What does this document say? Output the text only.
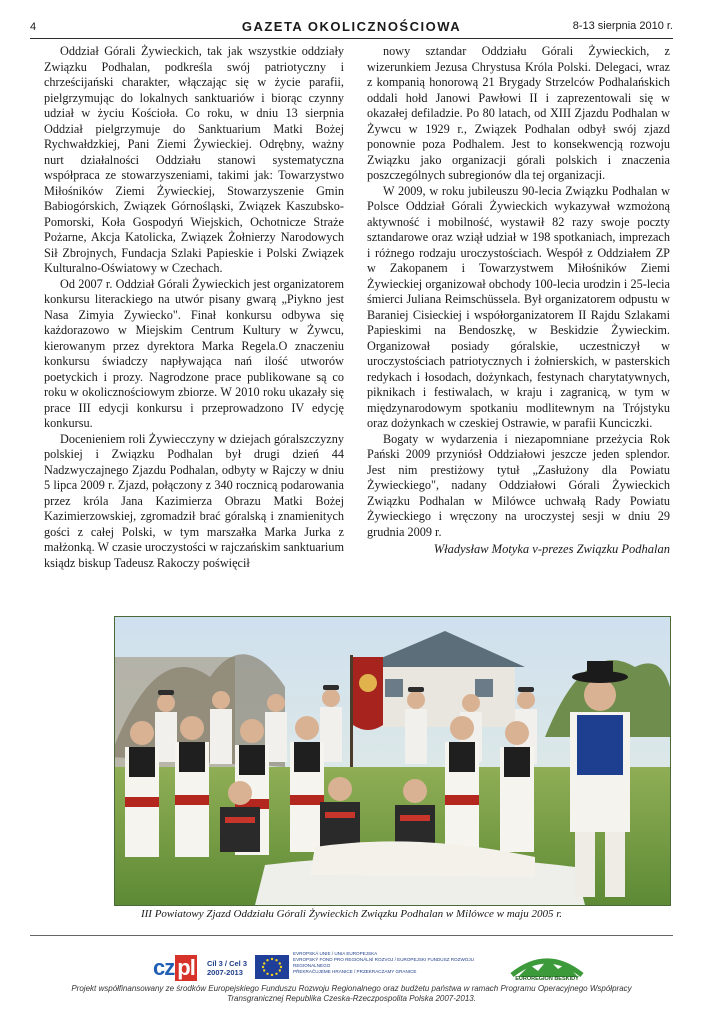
4	GAZETA OKOLICZNOŚCIOWA	8-13 sierpnia 2010 r.

Oddział Górali Żywieckich, tak jak wszystkie oddziały Związku Podhalan, podkreśla swój patriotyczny i chrześcijański charakter, włączając się w życie parafii, pielgrzymując do lokalnych sanktuariów i biorąc czynny udział w życiu Kościoła. Co roku, w dniu 13 sierpnia Oddział pielgrzymuje do Sanktuarium Matki Bożej Rychwałdzkiej, Pani Ziemi Żywieckiej. Odrębny, ważny nurt działalności Oddziału stanowi systematyczna współpraca ze stowarzyszeniami, takimi jak: Towarzystwo Miłośników Ziemi Żywieckiej, Stowarzyszenie Gmin Babiogórskich, Związek Górnośląski, Związek Kaszubsko-Pomorski, Koła Gospodyń Wiejskich, Ochotnicze Straże Pożarne, Akcja Katolicka, Związek Żołnierzy Narodowych Sił Zbrojnych, Fundacja Szlaki Papieskie i Polski Związek Kulturalno-Oświatowy w Czechach.

Od 2007 r. Oddział Górali Żywieckich jest organizatorem konkursu literackiego na utwór pisany gwarą „Piykno jest Nasa Zimyia Zywiecko". Finał konkursu odbywa się każdorazowo w Miejskim Centrum Kultury w Żywcu, kierowanym przez dyrektora Marka Regela.O znaczeniu konkursu świadczy napływająca nań ilość utworów poetyckich i prozy. Nagrodzone prace publikowane są co roku w okolicznościowym zbiorze. W 2010 roku ukazały się prace III edycji konkursu i przeprowadzono IV edycję konkursu.

Docenieniem roli Żywiecczyny w dziejach góralszczyzny polskiej i Związku Podhalan był drugi dzień 44 Nadzwyczajnego Zjazdu Podhalan, odbyty w Rajczy w dniu 5 lipca 2009 r. Zjazd, połączony z 340 rocznicą podarowania przez króla Jana Kazimierza Obrazu Matki Bożej Kazimierzowskiej, zgromadził brać góralską i znamienitych gości z całej Polski, w tym marszałka Marka Jurka z małżonką. W czasie uroczystości w rajczańskim sanktuarium ksiądz biskup Tadeusz Rakoczy poświęcił

nowy sztandar Oddziału Górali Żywieckich, z wizerunkiem Jezusa Chrystusa Króla Polski. Delegaci, wraz z kompanią honorową 21 Brygady Strzelców Podhalańskich oddali hołd Janowi Pawłowi II i zaprezentowali się w okazałej defiladzie. Po 80 latach, od XIII Zjazdu Podhalan w Żywcu w 1929 r., Związek Podhalan odbył swój zjazd ponownie poza Podhalem. Jest to konsekwencją rozwoju Związku jako organizacji górali polskich i znaczenia poszczególnych subregionów dla tej organizacji.

W 2009, w roku jubileuszu 90-lecia Związku Podhalan w Polsce Oddział Górali Żywieckich wykazywał wzmożoną aktywność i mobilność, wystawił 82 razy swoje poczty sztandarowe oraz wziął udział w 198 spotkaniach, imprezach i różnego rodzaju uroczystościach. Wespół z Oddziałem ZP w Zakopanem i Towarzystwem Miłośników Ziemi Żywieckiej organizował obchody 100-lecia urodzin i 25-lecia śmierci Juliana Reimschüssela. Był organizatorem odpustu w Baranieј Cisieckiej i współorganizatorem II Rajdu Szlakami Papieskimi na Bendoszkę, w Beskidzie Żywieckim. Organizował posiady góralskie, uczestniczył w uroczystościach patriotycznych i żołnierskich, w pasterskich redykach i łosodach, dożynkach, festynach charytatywnych, piknikach i festiwalach, w kraju i zagranicą, w tym w międzynarodowym spotkaniu modlitewnym na Trójstyku oraz dożynkach w czeskiej Ostrawie, w parafii Kunciczki.

Bogaty w wydarzenia i niezapomniane przeżycia Rok Pański 2009 przyniósł Oddziałowi jeszcze jeden splendor. Jest nim prestiżowy tytuł „Zasłużony dla Powiatu Żywieckiego", nadany Oddziałowi Górali Żywieckich Związku Podhalan w Milówce uchwałą Rady Powiatu Żywieckiego i wręczony na uroczystej sesji w dniu 29 grudnia 2009 r.

Władysław Motyka v-prezes Związku Podhalan
III Powiatowy Zjazd Oddziału Górali Żywieckich Związku Podhalan w Milówce w maju 2005 r.
cz pl Cíl 3 / Cel 3
2007-2013
EVROPSKÁ UNIE / UNIA EUROPEJSKA
EVROPSKÝ FOND PRO REGIONÁLNÍ ROZVOJ / EUROPEJSKI FUNDUSZ ROZWOJU REGIONALNEGO
PŘEKRAČUJEME HRANICE / PRZEKRACZAMY GRANICE
EUROREGION BESKIDY
Projekt współfinansowany ze środków Europejskiego Funduszu Rozwoju Regionalnego oraz budżetu państwa w ramach Programu Operacyjnego Współpracy Transgranicznej Republika Czeska-Rzeczpospolita Polska 2007-2013.
